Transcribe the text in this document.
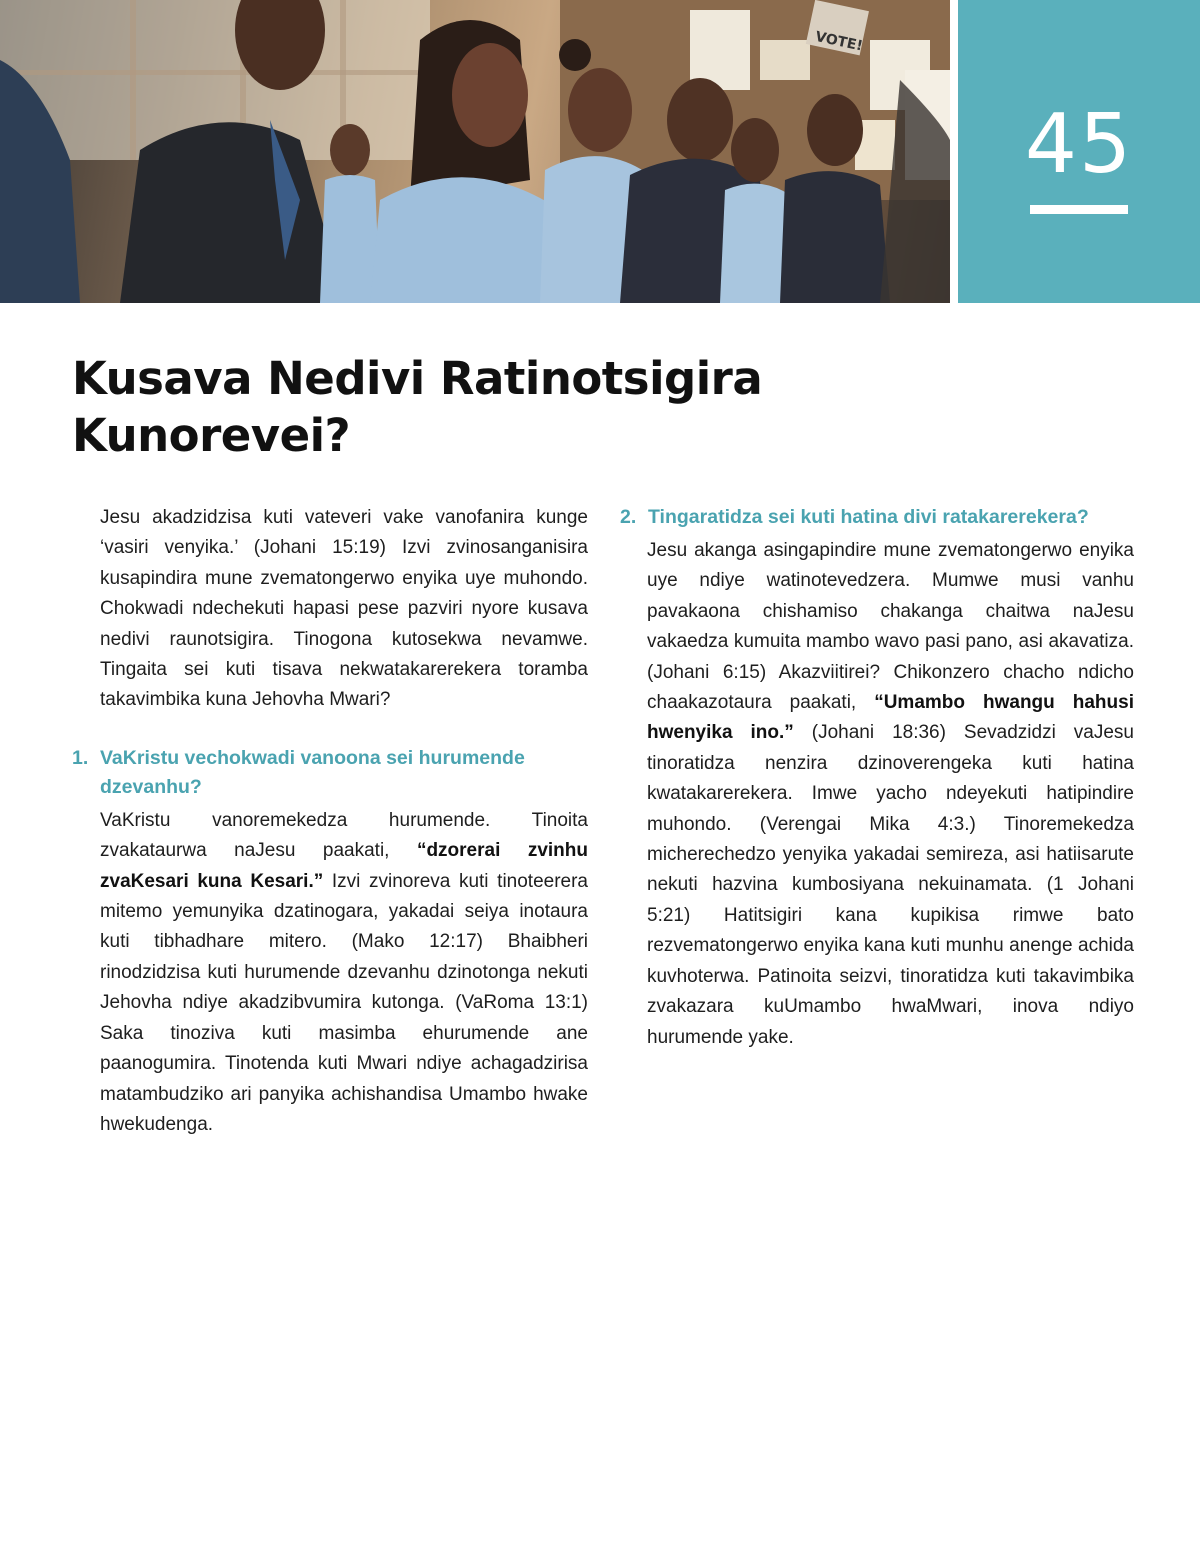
VOTE!
45
Kusava Nedivi Ratinotsigira
Kunorevei?

Jesu akadzidzisa kuti vateveri vake vanofanira kunge ‘vasiri venyika.’ (Johani 15:19) Izvi zvinosanganisira kusapindira mune zvematongerwo enyika uye muhondo. Chokwadi ndechekuti hapasi pese pazviri nyore kusava nedivi raunotsigira. Tinogona kutosekwa nevamwe. Tingaita sei kuti tisava nekwatakarerekera toramba takavimbika kuna Jehovha Mwari?

1. VaKristu vechokwadi vanoona sei hurumende dzevanhu?

VaKristu vanoremekedza hurumende. Tinoita zvakataurwa naJesu paakati, “dzorerai zvinhu zvaKesari kuna Kesari.” Izvi zvinoreva kuti tinoteerera mitemo yemunyika dzatinogara, yakadai seiya inotaura kuti tibhadhare mitero. (Mako 12:17) Bhaibheri rinodzidzisa kuti hurumende dzevanhu dzinotonga nekuti Jehovha ndiye akadzibvumira kutonga. (VaRoma 13:1) Saka tinoziva kuti masimba ehurumende ane paanogumira. Tinotenda kuti Mwari ndiye achagadzirisa matambudziko ari panyika achishandisa Umambo hwake hwekudenga.

2. Tingaratidza sei kuti hatina divi ratakarerekera?

Jesu akanga asingapindire mune zvematongerwo enyika uye ndiye watinotevedzera. Mumwe musi vanhu pavakaona chishamiso chakanga chaitwa naJesu vakaedza kumuita mambo wavo pasi pano, asi akavatiza. (Johani 6:15) Akazviitirei? Chikonzero chacho ndicho chaakazotaura paakati, “Umambo hwangu hahusi hwenyika ino.” (Johani 18:36) Sevadzidzi vaJesu tinoratidza nenzira dzinoverengeka kuti hatina kwatakarerekera. Imwe yacho ndeyekuti hatipindire muhondo. (Verengai Mika 4:3.) Tinoremekedza micherechedzo yenyika yakadai semireza, asi hatiisarute nekuti hazvina kumbosiyana nekuinamata. (1 Johani 5:21) Hatitsigiri kana kupikisa rimwe bato rezvematongerwo enyika kana kuti munhu anenge achida kuvhoterwa. Patinoita seizvi, tinoratidza kuti takavimbika zvakazara kuUmambo hwaMwari, inova ndiyo hurumende yake.
